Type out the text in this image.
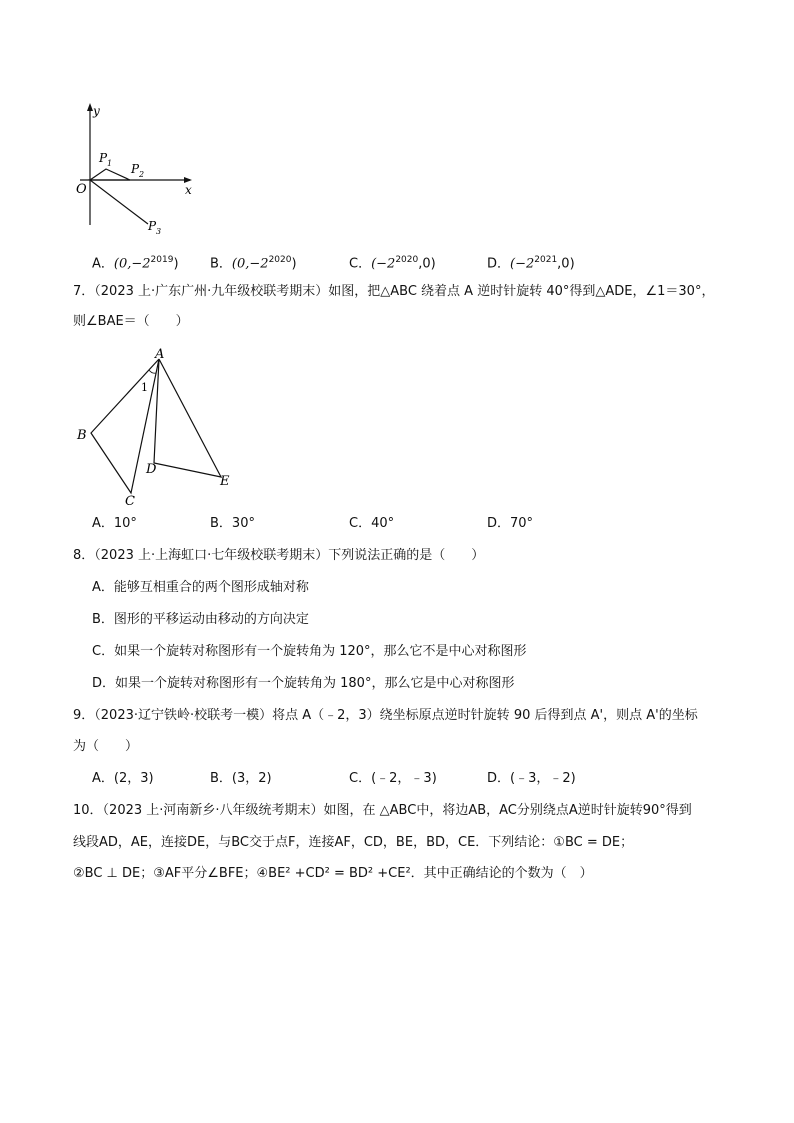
y
x
O
P 1 P 2
P 3
A．$(0,-2^{2019})$ B．$(0,-2^{2020})$	C．$(-2^{2020},0)$	D．$(-2^{2021},0)$
7．（2023 上·广东广州·九年级校联考期末）如图，把△ABC 绕着点 A 逆时针旋转 40°得到△ADE，∠1＝30°，
则∠BAE＝（　　）
A
B
C
D
E
1
A．10°	B．30°	C．40°	D．70°
8．（2023 上·上海虹口·七年级校联考期末）下列说法正确的是（　　）
A．能够互相重合的两个图形成轴对称
B．图形的平移运动由移动的方向决定
C．如果一个旋转对称图形有一个旋转角为 120°，那么它不是中心对称图形
D．如果一个旋转对称图形有一个旋转角为 180°，那么它是中心对称图形
9．（2023·辽宁铁岭·校联考一模）将点 A（﹣2，3）绕坐标原点逆时针旋转 90 后得到点 A'，则点 A'的坐标
为（　　）
A．(2，3)	B．(3，2)	C．(﹣2，﹣3)	D．(﹣3，﹣2)
10．（2023 上·河南新乡·八年级统考期末）如图，在 △ABC中，将边AB，AC分别绕点A逆时针旋转90°得到
线段AD，AE，连接DE，与BC交于点F，连接AF，CD，BE，BD，CE．下列结论：①BC = DE；
②BC ⊥ DE；③AF平分∠BFE；④BE² +CD² = BD² +CE²．其中正确结论的个数为（　）
